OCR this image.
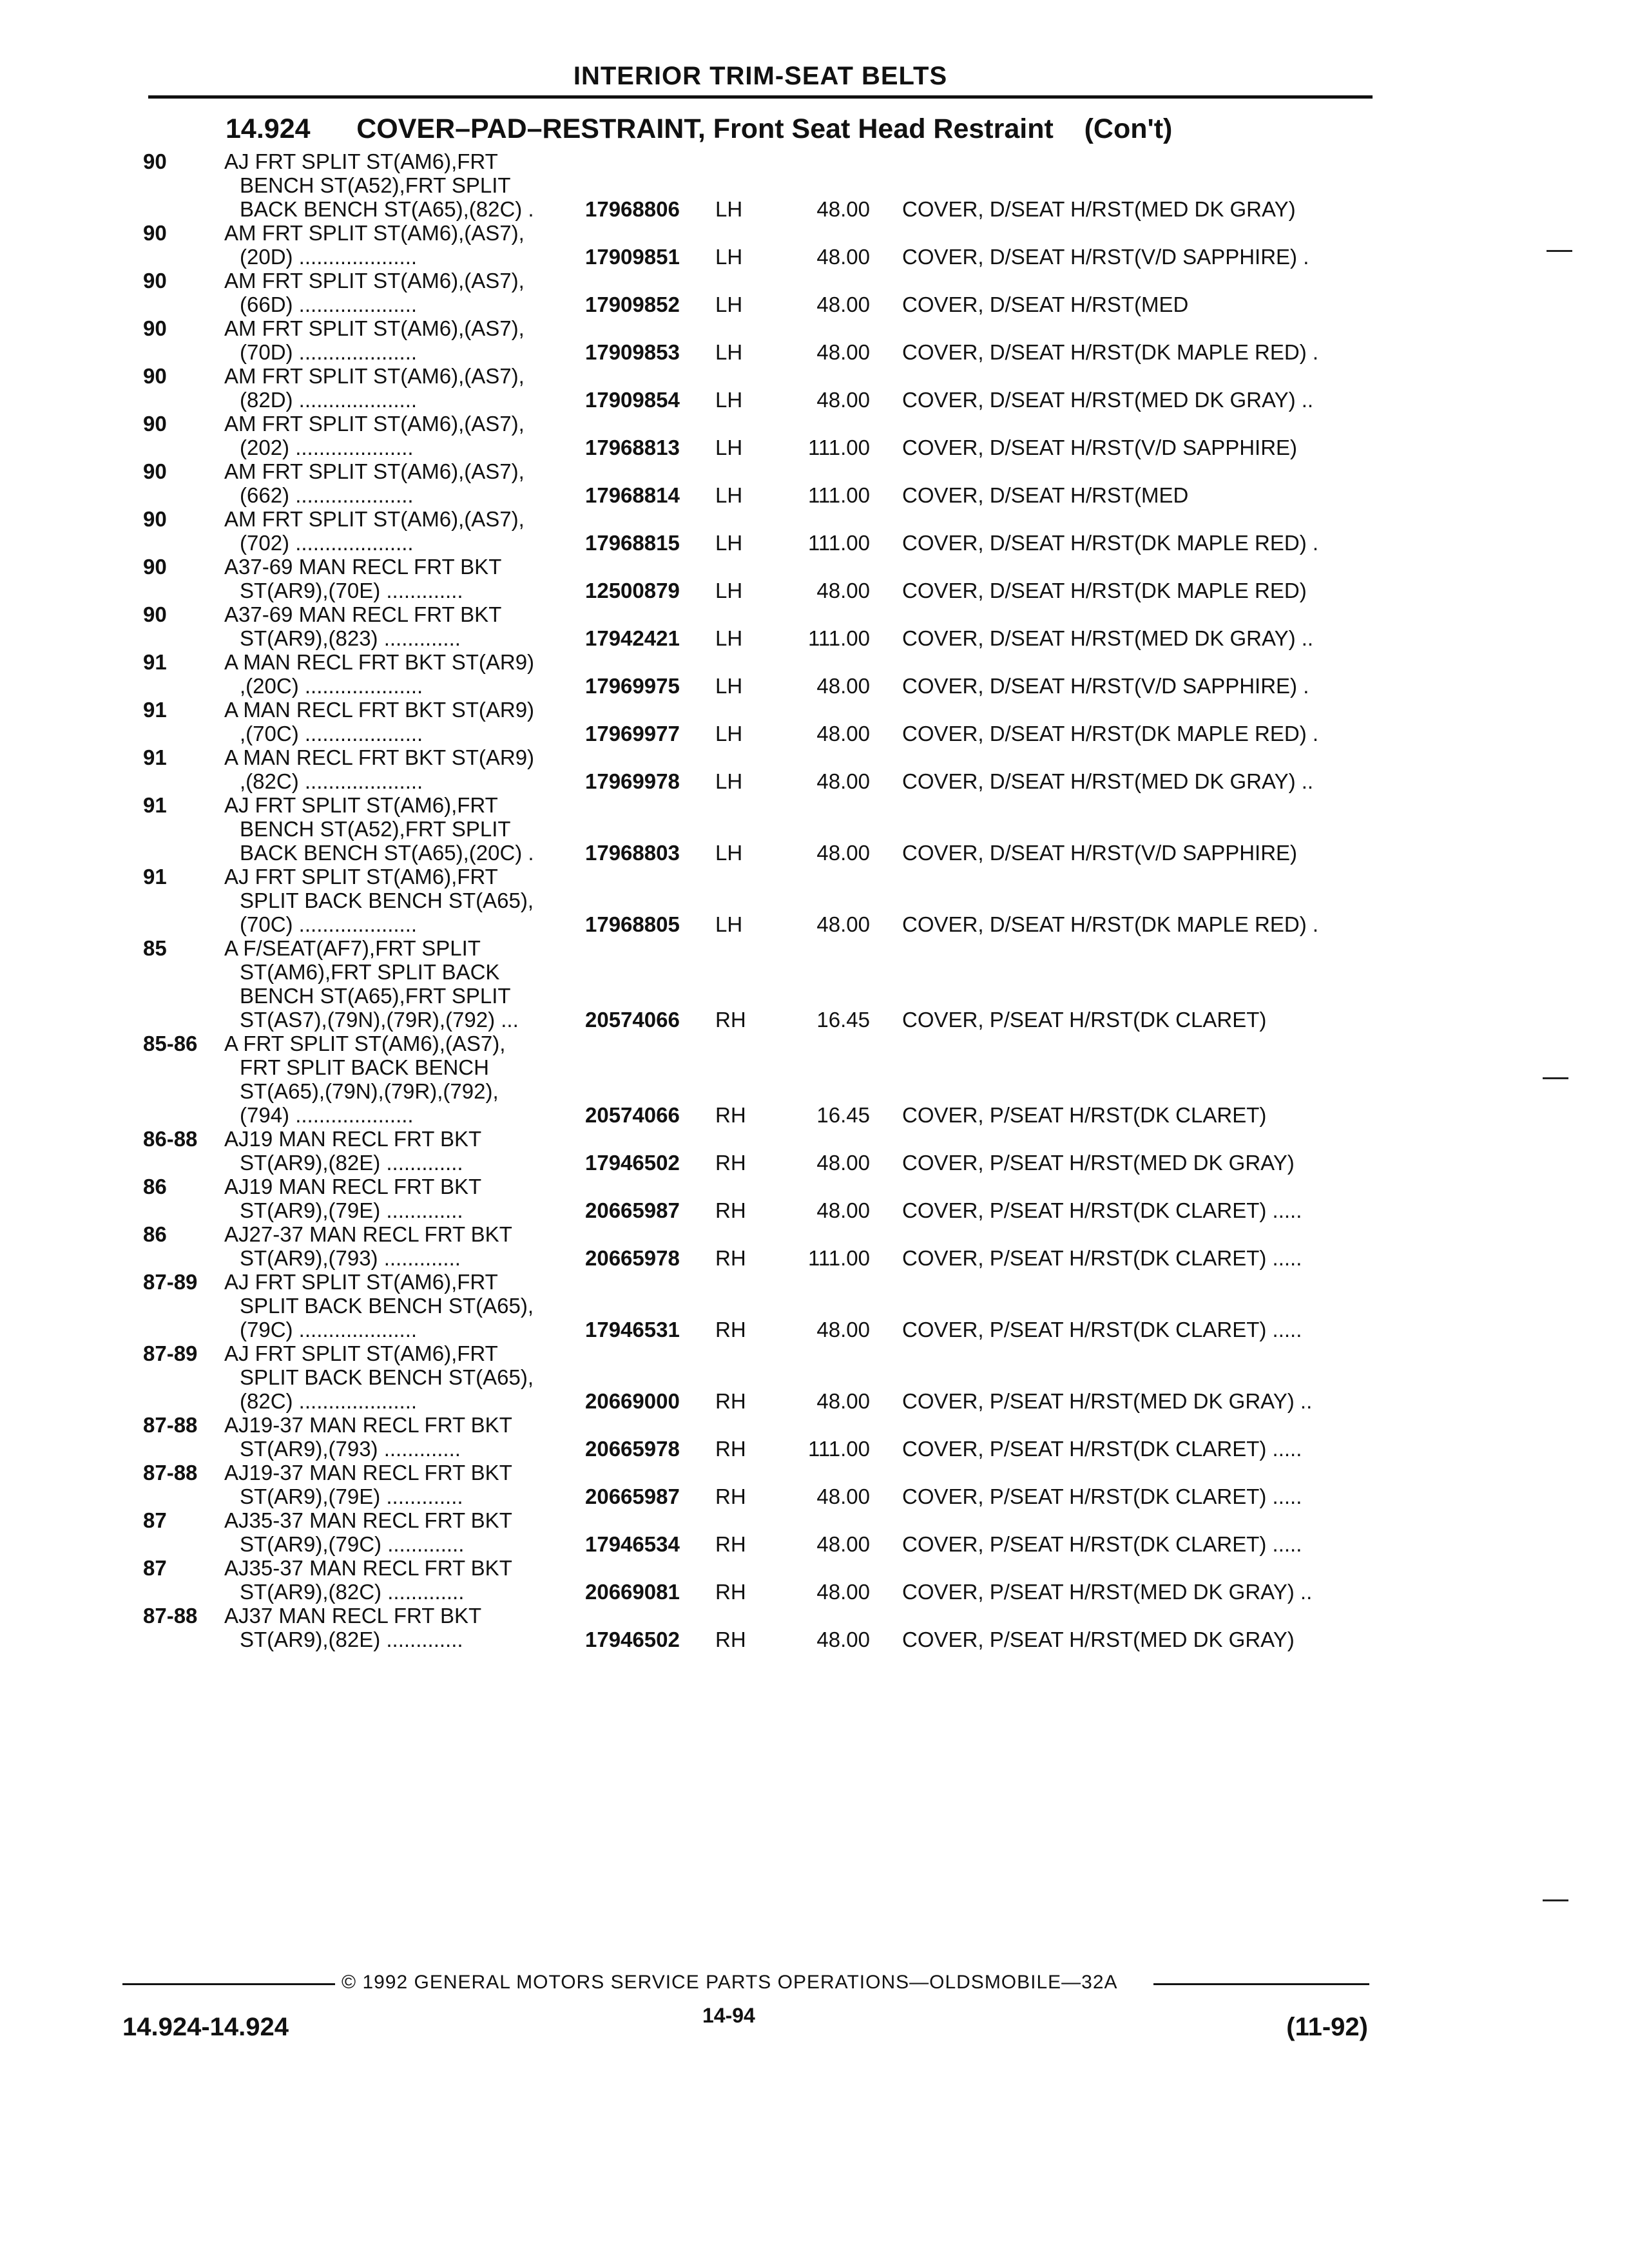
INTERIOR TRIM-SEAT BELTS
14.924 COVER–PAD–RESTRAINT, Front Seat Head Restraint (Con't)
90	AJ FRT SPLIT ST(AM6),FRT
BENCH ST(A52),FRT SPLIT
BACK BENCH ST(A65),(82C) . 17968806 LH	48.00 COVER, D/SEAT H/RST(MED DK GRAY)
90	AM FRT SPLIT ST(AM6),(AS7),
(20D) ....................	17909851 LH	48.00 COVER, D/SEAT H/RST(V/D SAPPHIRE) .
90	AM FRT SPLIT ST(AM6),(AS7),
(66D) ....................	17909852 LH	48.00 COVER, D/SEAT H/RST(MED
90	AM FRT SPLIT ST(AM6),(AS7),
(70D) ....................	17909853 LH	48.00 COVER, D/SEAT H/RST(DK MAPLE RED) .
90	AM FRT SPLIT ST(AM6),(AS7),
(82D) ....................	17909854 LH	48.00 COVER, D/SEAT H/RST(MED DK GRAY) ..
90	AM FRT SPLIT ST(AM6),(AS7),
(202) ....................	17968813 LH	111.00 COVER, D/SEAT H/RST(V/D SAPPHIRE)
90	AM FRT SPLIT ST(AM6),(AS7),
(662) ....................	17968814 LH	111.00 COVER, D/SEAT H/RST(MED
90	AM FRT SPLIT ST(AM6),(AS7),
(702) ....................	17968815 LH	111.00 COVER, D/SEAT H/RST(DK MAPLE RED) .
90	A37-69 MAN RECL FRT BKT
ST(AR9),(70E) .............	12500879 LH	48.00 COVER, D/SEAT H/RST(DK MAPLE RED)
90	A37-69 MAN RECL FRT BKT
ST(AR9),(823) .............	17942421 LH	111.00 COVER, D/SEAT H/RST(MED DK GRAY) ..
91	A MAN RECL FRT BKT ST(AR9)
,(20C) ....................	17969975 LH	48.00 COVER, D/SEAT H/RST(V/D SAPPHIRE) .
91	A MAN RECL FRT BKT ST(AR9)
,(70C) ....................	17969977 LH	48.00 COVER, D/SEAT H/RST(DK MAPLE RED) .
91	A MAN RECL FRT BKT ST(AR9)
,(82C) ....................	17969978 LH	48.00 COVER, D/SEAT H/RST(MED DK GRAY) ..
91	AJ FRT SPLIT ST(AM6),FRT
BENCH ST(A52),FRT SPLIT
BACK BENCH ST(A65),(20C) . 17968803 LH	48.00 COVER, D/SEAT H/RST(V/D SAPPHIRE)
91	AJ FRT SPLIT ST(AM6),FRT
SPLIT BACK BENCH ST(A65),
(70C) ....................	17968805 LH	48.00 COVER, D/SEAT H/RST(DK MAPLE RED) .
85	A F/SEAT(AF7),FRT SPLIT
ST(AM6),FRT SPLIT BACK
BENCH ST(A65),FRT SPLIT
ST(AS7),(79N),(79R),(792) ...	20574066 RH	16.45 COVER, P/SEAT H/RST(DK CLARET)
85-86	A FRT SPLIT ST(AM6),(AS7),
FRT SPLIT BACK BENCH
ST(A65),(79N),(79R),(792),
(794) ....................	20574066 RH	16.45 COVER, P/SEAT H/RST(DK CLARET)
86-88	AJ19 MAN RECL FRT BKT
ST(AR9),(82E) .............	17946502 RH	48.00 COVER, P/SEAT H/RST(MED DK GRAY)
86	AJ19 MAN RECL FRT BKT
ST(AR9),(79E) .............	20665987 RH	48.00 COVER, P/SEAT H/RST(DK CLARET) .....
86	AJ27-37 MAN RECL FRT BKT
ST(AR9),(793) .............	20665978 RH	111.00 COVER, P/SEAT H/RST(DK CLARET) .....
87-89	AJ FRT SPLIT ST(AM6),FRT
SPLIT BACK BENCH ST(A65),
(79C) ....................	17946531 RH	48.00 COVER, P/SEAT H/RST(DK CLARET) .....
87-89	AJ FRT SPLIT ST(AM6),FRT
SPLIT BACK BENCH ST(A65),
(82C) ....................	20669000 RH	48.00 COVER, P/SEAT H/RST(MED DK GRAY) ..
87-88	AJ19-37 MAN RECL FRT BKT
ST(AR9),(793) .............	20665978 RH	111.00 COVER, P/SEAT H/RST(DK CLARET) .....
87-88	AJ19-37 MAN RECL FRT BKT
ST(AR9),(79E) .............	20665987 RH	48.00 COVER, P/SEAT H/RST(DK CLARET) .....
87	AJ35-37 MAN RECL FRT BKT
ST(AR9),(79C) .............	17946534 RH	48.00 COVER, P/SEAT H/RST(DK CLARET) .....
87	AJ35-37 MAN RECL FRT BKT
ST(AR9),(82C) .............	20669081 RH	48.00 COVER, P/SEAT H/RST(MED DK GRAY) ..
87-88	AJ37 MAN RECL FRT BKT
ST(AR9),(82E) .............	17946502 RH	48.00 COVER, P/SEAT H/RST(MED DK GRAY)
© 1992 GENERAL MOTORS SERVICE PARTS OPERATIONS—OLDSMOBILE—32A
14.924-14.924	14-94	(11-92)
